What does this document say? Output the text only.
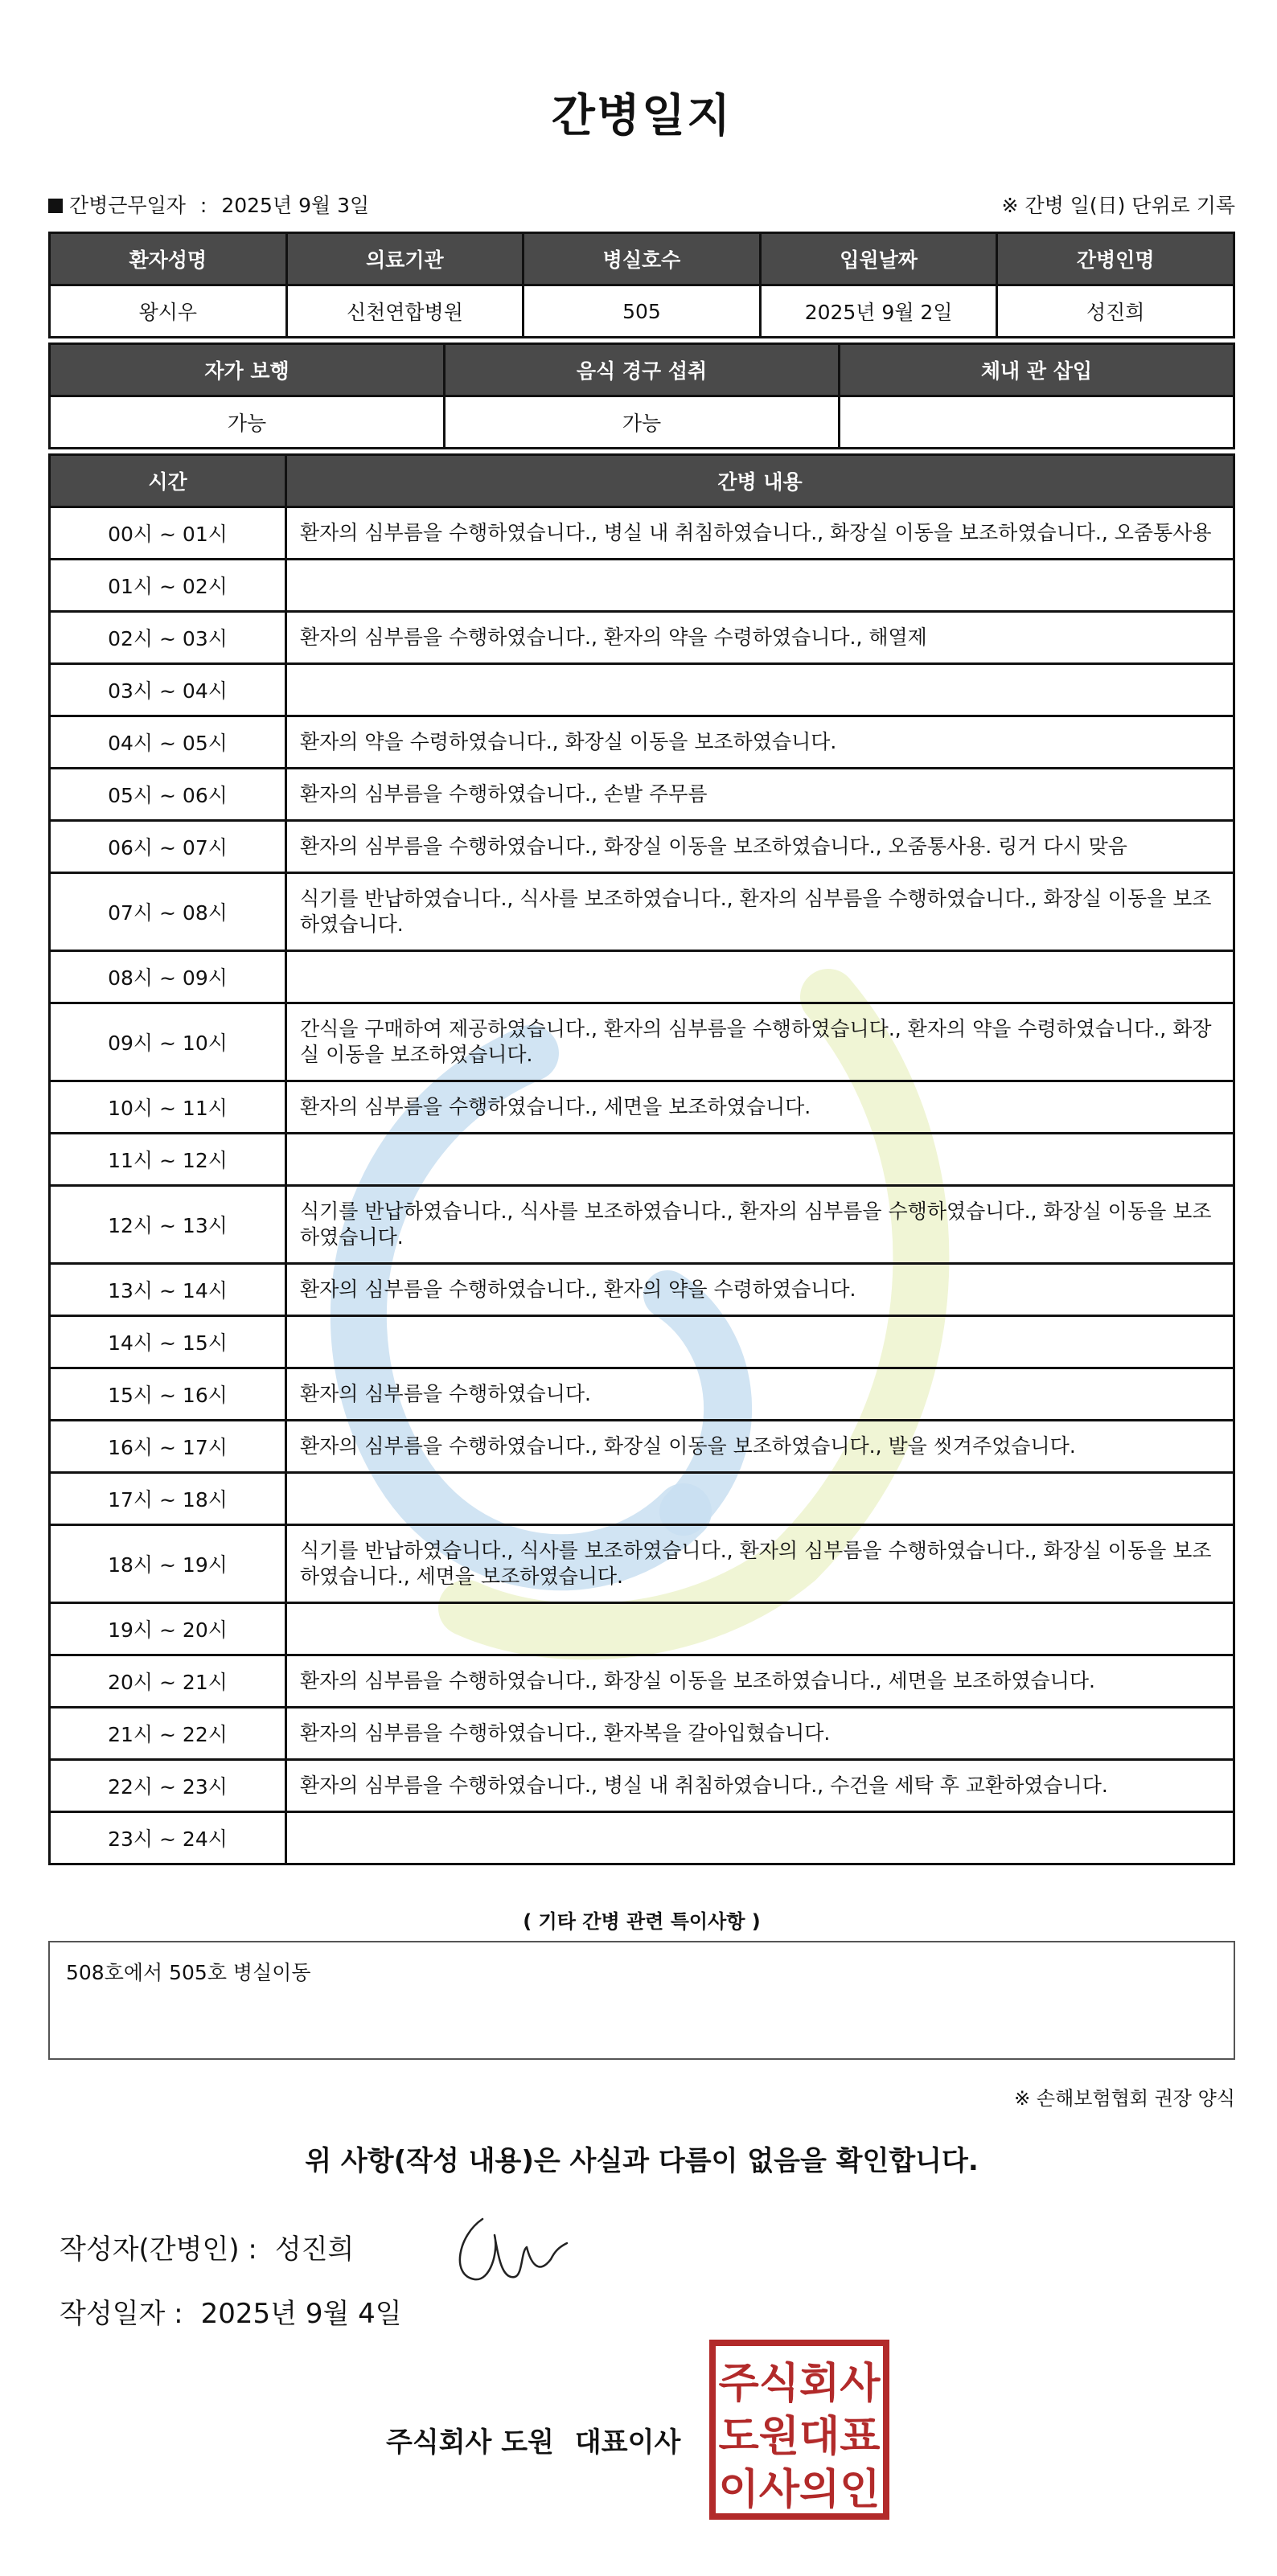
간병일지
간병근무일자 : 2025년 9월 3일	※ 간병 일(日) 단위로 기록
환자성명	의료기관	병실호수	입원날짜	간병인명
왕시우	신천연합병원	505	2025년 9월 2일	성진희
자가 보행	음식 경구 섭취	체내 관 삽입
가능	가능	
시간	간병 내용
00시 ~ 01시	환자의 심부름을 수행하였습니다., 병실 내 취침하였습니다., 화장실 이동을 보조하였습니다., 오줌통사용
01시 ~ 02시	
02시 ~ 03시	환자의 심부름을 수행하였습니다., 환자의 약을 수령하였습니다., 해열제
03시 ~ 04시	
04시 ~ 05시	환자의 약을 수령하였습니다., 화장실 이동을 보조하였습니다.
05시 ~ 06시	환자의 심부름을 수행하였습니다., 손발 주무름
06시 ~ 07시	환자의 심부름을 수행하였습니다., 화장실 이동을 보조하였습니다., 오줌통사용. 링거 다시 맞음
07시 ~ 08시	식기를 반납하였습니다., 식사를 보조하였습니다., 환자의 심부름을 수행하였습니다., 화장실 이동을 보조하였습니다.
08시 ~ 09시	
09시 ~ 10시	간식을 구매하여 제공하였습니다., 환자의 심부름을 수행하였습니다., 환자의 약을 수령하였습니다., 화장실 이동을 보조하였습니다.
10시 ~ 11시	환자의 심부름을 수행하였습니다., 세면을 보조하였습니다.
11시 ~ 12시	
12시 ~ 13시	식기를 반납하였습니다., 식사를 보조하였습니다., 환자의 심부름을 수행하였습니다., 화장실 이동을 보조하였습니다.
13시 ~ 14시	환자의 심부름을 수행하였습니다., 환자의 약을 수령하였습니다.
14시 ~ 15시	
15시 ~ 16시	환자의 심부름을 수행하였습니다.
16시 ~ 17시	환자의 심부름을 수행하였습니다., 화장실 이동을 보조하였습니다., 발을 씻겨주었습니다.
17시 ~ 18시	
18시 ~ 19시	식기를 반납하였습니다., 식사를 보조하였습니다., 환자의 심부름을 수행하였습니다., 화장실 이동을 보조하였습니다., 세면을 보조하였습니다.
19시 ~ 20시	
20시 ~ 21시	환자의 심부름을 수행하였습니다., 화장실 이동을 보조하였습니다., 세면을 보조하였습니다.
21시 ~ 22시	환자의 심부름을 수행하였습니다., 환자복을 갈아입혔습니다.
22시 ~ 23시	환자의 심부름을 수행하였습니다., 병실 내 취침하였습니다., 수건을 세탁 후 교환하였습니다.
23시 ~ 24시	
( 기타 간병 관련 특이사항 )
508호에서 505호 병실이동
※ 손해보험협회 권장 양식
위 사항(작성 내용)은 사실과 다름이 없음을 확인합니다.
작성자(간병인) : 성진희
작성일자 : 2025년 9월 4일
주식회사 도원 대표이사
주식회사
도원대표
이사의인
